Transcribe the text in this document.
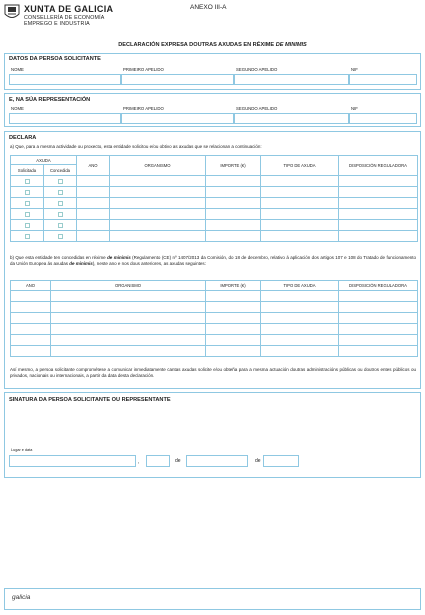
XUNTA DE GALICIA
CONSELLERÍA DE ECONOMÍA
EMPREGO E INDUSTRIA
ANEXO III-A
DECLARACIÓN EXPRESA DOUTRAS AXUDAS EN RÉXIME DE MINIMIS
DATOS DA PERSOA SOLICITANTE
NOME	PRIMEIRO APELIDO	SEGUNDO APELIDO	NIF
E, NA SÚA REPRESENTACIÓN
NOME	PRIMEIRO APELIDO	SEGUNDO APELIDO	NIF
DECLARA
a) Que, para a mesma actividade ou proxecto, esta entidade solicitou e/ou obtivo as axudas que se relacionan a continuación:
AXUDA		ANO	ORGANISMO	IMPORTE (€)	TIPO DE AXUDA	DISPOSICIÓN REGULADORA
Solicitada	Concedida					

b) Que esta entidade ten concedidas en réxime de minimis (Regulamento (CE) nº 1407/2013 da Comisión, do 18 de decembro, relativo á aplicación dos artigos 107 e 108 do Tratado de funcionamento da Unión Europea ás axudas de minimis), neste ano e nos dous anteriores, as axudas seguintes:
ANO	ORGANISMO	IMPORTE (€)	TIPO DE AXUDA	DISPOSICIÓN REGULADORA

Así mesmo, a persoa solicitante comprométese a comunicar inmediatamente cantas axudas solicite e/ou obteña para a mesma actuación doutras administracións públicas ou doutros entes públicos ou privados, nacionais ou internacionais, a partir da data desta declaración.
SINATURA DA PERSOA SOLICITANTE OU REPRESENTANTE
Lugar e data
,	de	de
galicia
